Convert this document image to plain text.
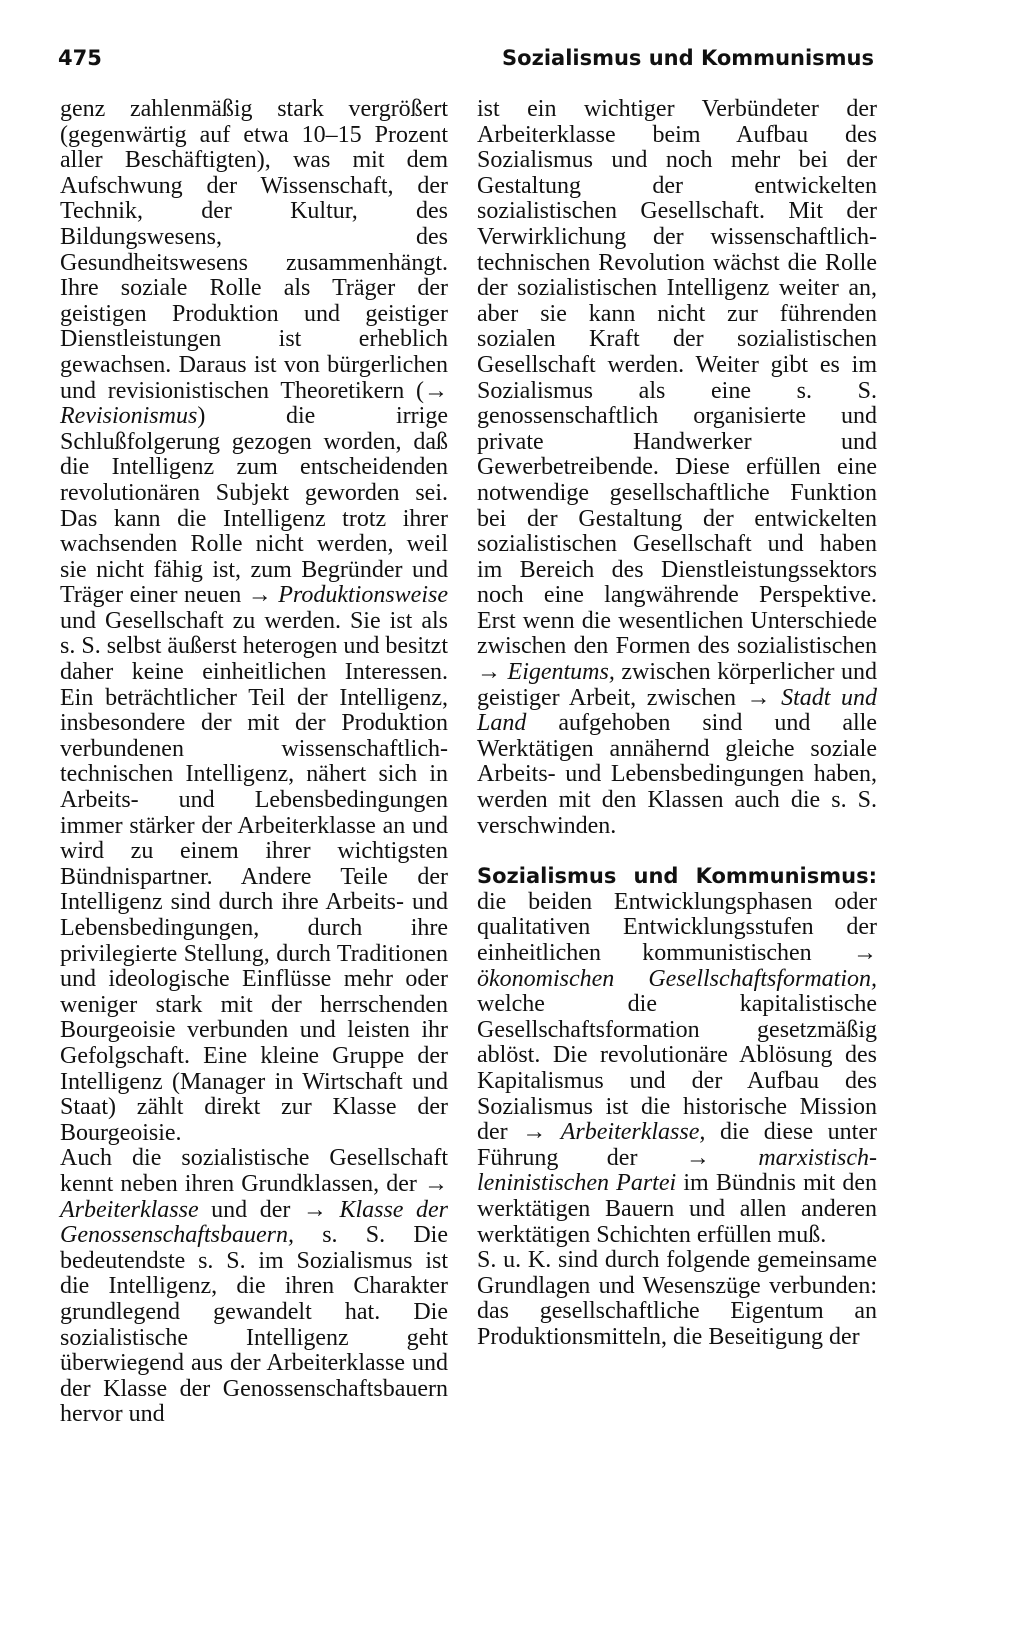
475	Sozialismus und Kommunismus

genz zahlenmäßig stark vergrößert (gegenwärtig auf etwa 10–15 Prozent aller Beschäftigten), was mit dem Aufschwung der Wissenschaft, der Technik, der Kultur, des Bildungswesens, des Gesundheitswesens zusammenhängt. Ihre soziale Rolle als Träger der geistigen Produktion und geistiger Dienstleistungen ist erheblich gewachsen. Daraus ist von bürgerlichen und revisionistischen Theoretikern (→ Revisionismus) die irrige Schlußfolgerung gezogen worden, daß die Intelligenz zum entscheidenden revolutionären Subjekt geworden sei. Das kann die Intelligenz trotz ihrer wachsenden Rolle nicht werden, weil sie nicht fähig ist, zum Begründer und Träger einer neuen → Produktionsweise und Gesellschaft zu werden. Sie ist als s. S. selbst äußerst heterogen und besitzt daher keine einheitlichen Interessen. Ein beträchtlicher Teil der Intelligenz, insbesondere der mit der Produktion verbundenen wissenschaftlich-technischen Intelligenz, nähert sich in Arbeits- und Lebensbedingungen immer stärker der Arbeiterklasse an und wird zu einem ihrer wichtigsten Bündnispartner. Andere Teile der Intelligenz sind durch ihre Arbeits- und Lebensbedingungen, durch ihre privilegierte Stellung, durch Traditionen und ideologische Einflüsse mehr oder weniger stark mit der herrschenden Bourgeoisie verbunden und leisten ihr Gefolgschaft. Eine kleine Gruppe der Intelligenz (Manager in Wirtschaft und Staat) zählt direkt zur Klasse der Bourgeoisie.

Auch die sozialistische Gesellschaft kennt neben ihren Grundklassen, der → Arbeiterklasse und der → Klasse der Genossenschaftsbauern, s. S. Die bedeutendste s. S. im Sozialismus ist die Intelligenz, die ihren Charakter grundlegend gewandelt hat. Die sozialistische Intelligenz geht überwiegend aus der Arbeiterklasse und der Klasse der Genossenschaftsbauern hervor und

ist ein wichtiger Verbündeter der Arbeiterklasse beim Aufbau des Sozialismus und noch mehr bei der Gestaltung der entwickelten sozialistischen Gesellschaft. Mit der Verwirklichung der wissenschaftlich-technischen Revolution wächst die Rolle der sozialistischen Intelligenz weiter an, aber sie kann nicht zur führenden sozialen Kraft der sozialistischen Gesellschaft werden. Weiter gibt es im Sozialismus als eine s. S. genossenschaftlich organisierte und private Handwerker und Gewerbetreibende. Diese erfüllen eine notwendige gesellschaftliche Funktion bei der Gestaltung der entwickelten sozialistischen Gesellschaft und haben im Bereich des Dienstleistungssektors noch eine langwährende Perspektive. Erst wenn die wesentlichen Unterschiede zwischen den Formen des sozialistischen → Eigentums, zwischen körperlicher und geistiger Arbeit, zwischen → Stadt und Land aufgehoben sind und alle Werktätigen annähernd gleiche soziale Arbeits- und Lebensbedingungen haben, werden mit den Klassen auch die s. S. verschwinden.

Sozialismus und Kommunismus: die beiden Entwicklungsphasen oder qualitativen Entwicklungsstufen der einheitlichen kommunistischen → ökonomischen Gesellschaftsformation, welche die kapitalistische Gesellschaftsformation gesetzmäßig ablöst. Die revolutionäre Ablösung des Kapitalismus und der Aufbau des Sozialismus ist die historische Mission der → Arbeiterklasse, die diese unter Führung der → marxistisch-leninistischen Partei im Bündnis mit den werktätigen Bauern und allen anderen werktätigen Schichten erfüllen muß.

S. u. K. sind durch folgende gemeinsame Grundlagen und Wesenszüge verbunden: das gesellschaftliche Eigentum an Produktionsmitteln, die Beseitigung der
